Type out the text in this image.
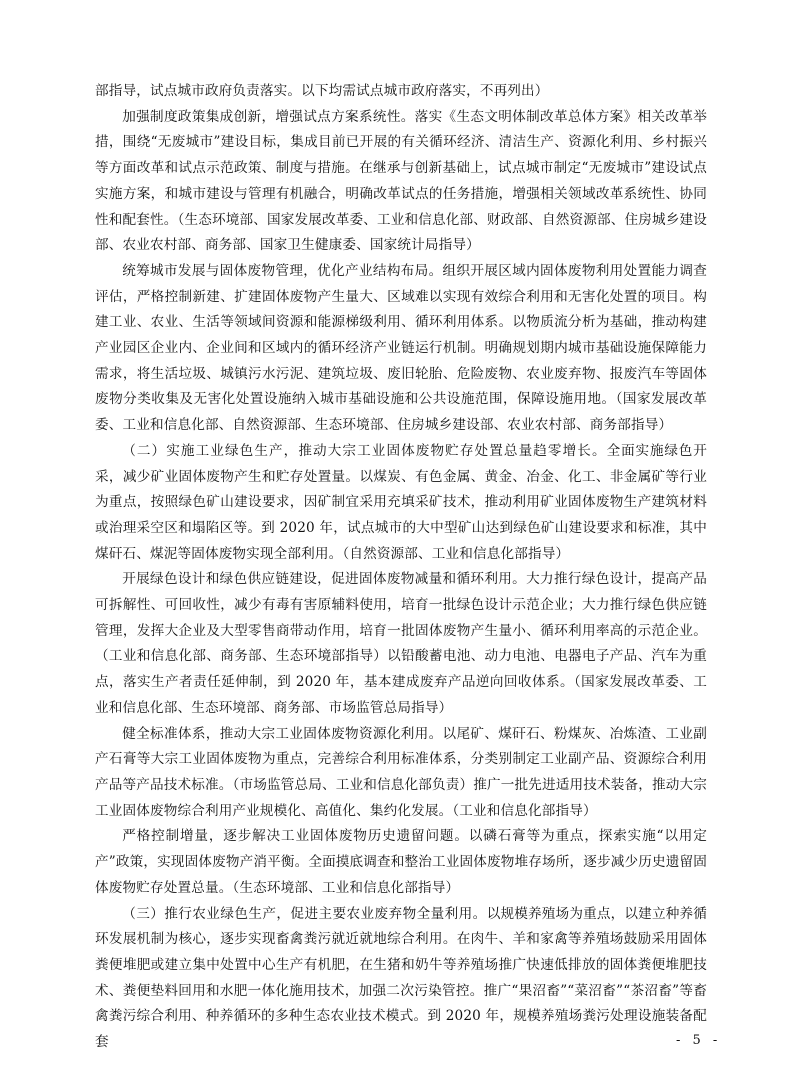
部指导，试点城市政府负责落实。以下均需试点城市政府落实，不再列出）

加强制度政策集成创新，增强试点方案系统性。落实《生态文明体制改革总体方案》相关改革举措，围绕“无废城市”建设目标，集成目前已开展的有关循环经济、清洁生产、资源化利用、乡村振兴等方面改革和试点示范政策、制度与措施。在继承与创新基础上，试点城市制定“无废城市”建设试点实施方案，和城市建设与管理有机融合，明确改革试点的任务措施，增强相关领域改革系统性、协同性和配套性。（生态环境部、国家发展改革委、工业和信息化部、财政部、自然资源部、住房城乡建设部、农业农村部、商务部、国家卫生健康委、国家统计局指导）

统筹城市发展与固体废物管理，优化产业结构布局。组织开展区域内固体废物利用处置能力调查评估，严格控制新建、扩建固体废物产生量大、区域难以实现有效综合利用和无害化处置的项目。构建工业、农业、生活等领域间资源和能源梯级利用、循环利用体系。以物质流分析为基础，推动构建产业园区企业内、企业间和区域内的循环经济产业链运行机制。明确规划期内城市基础设施保障能力需求，将生活垃圾、城镇污水污泥、建筑垃圾、废旧轮胎、危险废物、农业废弃物、报废汽车等固体废物分类收集及无害化处置设施纳入城市基础设施和公共设施范围，保障设施用地。（国家发展改革委、工业和信息化部、自然资源部、生态环境部、住房城乡建设部、农业农村部、商务部指导）

（二）实施工业绿色生产，推动大宗工业固体废物贮存处置总量趋零增长。全面实施绿色开采，减少矿业固体废物产生和贮存处置量。以煤炭、有色金属、黄金、冶金、化工、非金属矿等行业为重点，按照绿色矿山建设要求，因矿制宜采用充填采矿技术，推动利用矿业固体废物生产建筑材料或治理采空区和塌陷区等。到 2020 年，试点城市的大中型矿山达到绿色矿山建设要求和标准，其中煤矸石、煤泥等固体废物实现全部利用。（自然资源部、工业和信息化部指导）

开展绿色设计和绿色供应链建设，促进固体废物减量和循环利用。大力推行绿色设计，提高产品可拆解性、可回收性，减少有毒有害原辅料使用，培育一批绿色设计示范企业；大力推行绿色供应链管理，发挥大企业及大型零售商带动作用，培育一批固体废物产生量小、循环利用率高的示范企业。（工业和信息化部、商务部、生态环境部指导）以铅酸蓄电池、动力电池、电器电子产品、汽车为重点，落实生产者责任延伸制，到 2020 年，基本建成废弃产品逆向回收体系。（国家发展改革委、工业和信息化部、生态环境部、商务部、市场监管总局指导）

健全标准体系，推动大宗工业固体废物资源化利用。以尾矿、煤矸石、粉煤灰、冶炼渣、工业副产石膏等大宗工业固体废物为重点，完善综合利用标准体系，分类别制定工业副产品、资源综合利用产品等产品技术标准。（市场监管总局、工业和信息化部负责）推广一批先进适用技术装备，推动大宗工业固体废物综合利用产业规模化、高值化、集约化发展。（工业和信息化部指导）

严格控制增量，逐步解决工业固体废物历史遗留问题。以磷石膏等为重点，探索实施“以用定产”政策，实现固体废物产消平衡。全面摸底调查和整治工业固体废物堆存场所，逐步减少历史遗留固体废物贮存处置总量。（生态环境部、工业和信息化部指导）

（三）推行农业绿色生产，促进主要农业废弃物全量利用。以规模养殖场为重点，以建立种养循环发展机制为核心，逐步实现畜禽粪污就近就地综合利用。在肉牛、羊和家禽等养殖场鼓励采用固体粪便堆肥或建立集中处置中心生产有机肥，在生猪和奶牛等养殖场推广快速低排放的固体粪便堆肥技术、粪便垫料回用和水肥一体化施用技术，加强二次污染管控。推广“果沼畜”“菜沼畜”“茶沼畜”等畜禽粪污综合利用、种养循环的多种生态农业技术模式。到 2020 年，规模养殖场粪污处理设施装备配套	- 5 -
